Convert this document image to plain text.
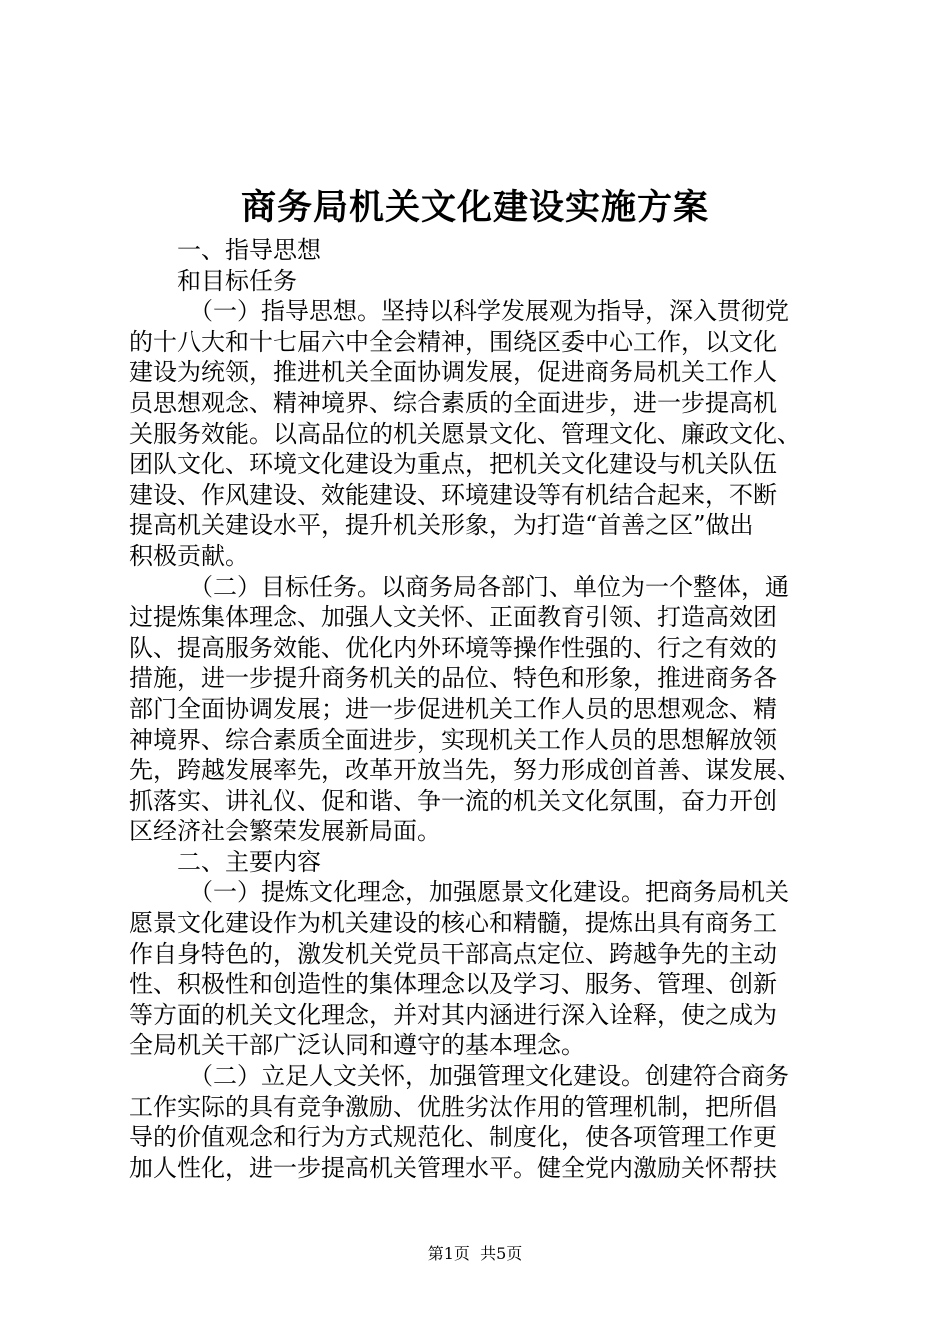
商务局机关文化建设实施方案
一、指导思想
和目标任务
（一）指导思想。坚持以科学发展观为指导，深入贯彻党
的十八大和十七届六中全会精神，围绕区委中心工作，以文化
建设为统领，推进机关全面协调发展，促进商务局机关工作人
员思想观念、精神境界、综合素质的全面进步，进一步提高机
关服务效能。以高品位的机关愿景文化、管理文化、廉政文化、
团队文化、环境文化建设为重点，把机关文化建设与机关队伍
建设、作风建设、效能建设、环境建设等有机结合起来，不断
提高机关建设水平，提升机关形象，为打造“首善之区”做出
积极贡献。
（二）目标任务。以商务局各部门、单位为一个整体，通
过提炼集体理念、加强人文关怀、正面教育引领、打造高效团
队、提高服务效能、优化内外环境等操作性强的、行之有效的
措施，进一步提升商务机关的品位、特色和形象，推进商务各
部门全面协调发展；进一步促进机关工作人员的思想观念、精
神境界、综合素质全面进步，实现机关工作人员的思想解放领
先，跨越发展率先，改革开放当先，努力形成创首善、谋发展、
抓落实、讲礼仪、促和谐、争一流的机关文化氛围，奋力开创
区经济社会繁荣发展新局面。
二、主要内容
（一）提炼文化理念，加强愿景文化建设。把商务局机关
愿景文化建设作为机关建设的核心和精髓，提炼出具有商务工
作自身特色的，激发机关党员干部高点定位、跨越争先的主动
性、积极性和创造性的集体理念以及学习、服务、管理、创新
等方面的机关文化理念，并对其内涵进行深入诠释，使之成为
全局机关干部广泛认同和遵守的基本理念。
（二）立足人文关怀，加强管理文化建设。创建符合商务
工作实际的具有竞争激励、优胜劣汰作用的管理机制，把所倡
导的价值观念和行为方式规范化、制度化，使各项管理工作更
加人性化，进一步提高机关管理水平。健全党内激励关怀帮扶
第1页  共5页
